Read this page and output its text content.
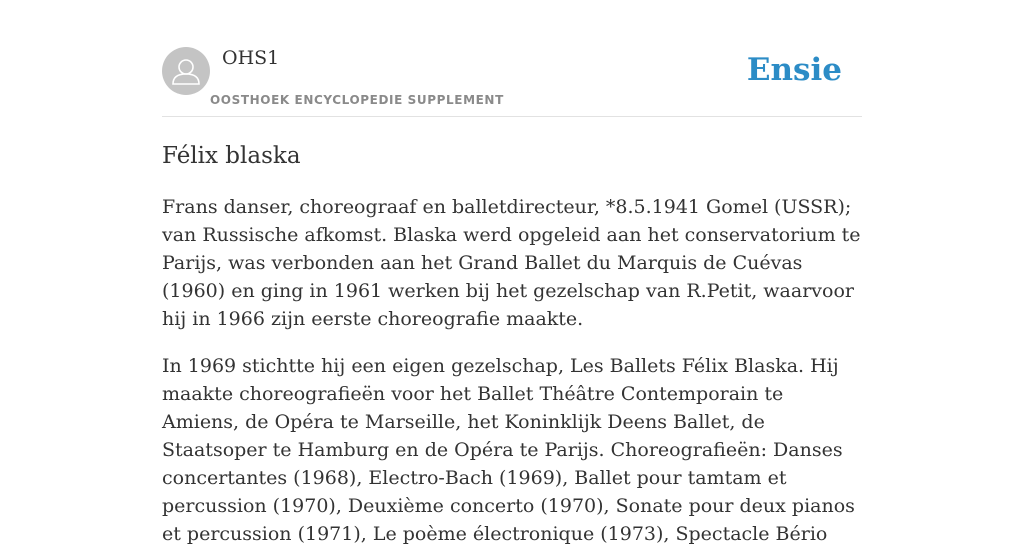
OHS1
OOSTHOEK ENCYCLOPEDIE SUPPLEMENT
Ensie
Félix blaska

Frans danser, choreograaf en balletdirecteur, *8.5.1941 Gomel (USSR); van Russische afkomst. Blaska werd opgeleid aan het conservatorium te Parijs, was verbonden aan het Grand Ballet du Marquis de Cuévas (1960) en ging in 1961 werken bij het gezelschap van R.Petit, waarvoor hij in 1966 zijn eerste choreografie maakte.

In 1969 stichtte hij een eigen gezelschap, Les Ballets Félix Blaska. Hij maakte choreografieën voor het Ballet Théâtre Contemporain te Amiens, de Opéra te Marseille, het Koninklijk Deens Ballet, de Staatsoper te Hamburg en de Opéra te Parijs. Choreografieën: Danses concertantes (1968), Electro-Bach (1969), Ballet pour tamtam et percussion (1970), Deuxième concerto (1970), Sonate pour deux pianos et percussion (1971), Le poème électronique (1973), Spectacle Bério
